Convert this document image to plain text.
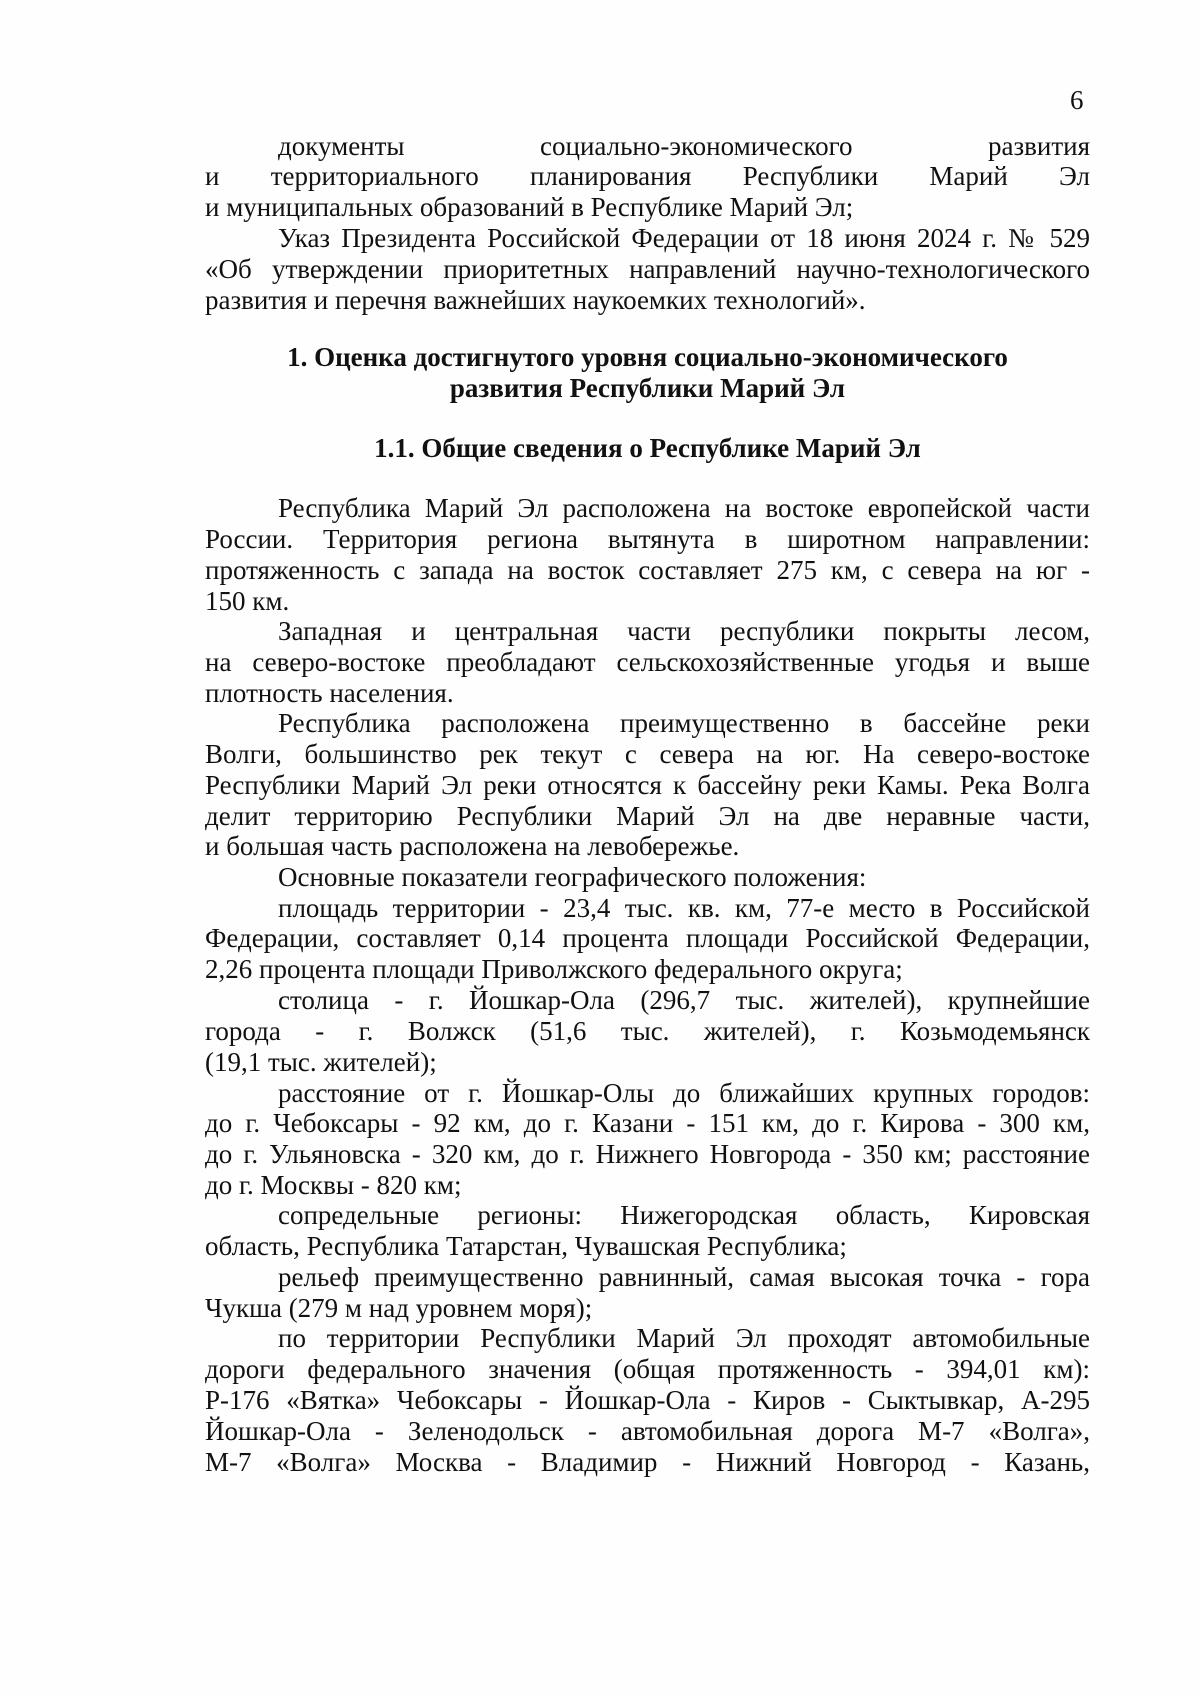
6
документы социально-экономического развития
и территориального планирования Республики Марий Эл
и муниципальных образований в Республике Марий Эл;
Указ Президента Российской Федерации от 18 июня 2024 г. № 529
«Об утверждении приоритетных направлений научно-технологического
развития и перечня важнейших наукоемких технологий».
1. Оценка достигнутого уровня социально-экономического
развития Республики Марий Эл
1.1. Общие сведения о Республике Марий Эл
Республика Марий Эл расположена на востоке европейской части
России. Территория региона вытянута в широтном направлении:
протяженность с запада на восток составляет 275 км, с севера на юг -
150 км.
Западная и центральная части республики покрыты лесом,
на северо-востоке преобладают сельскохозяйственные угодья и выше
плотность населения.
Республика расположена преимущественно в бассейне реки
Волги, большинство рек текут с севера на юг. На северо-востоке
Республики Марий Эл реки относятся к бассейну реки Камы. Река Волга
делит территорию Республики Марий Эл на две неравные части,
и большая часть расположена на левобережье.
Основные показатели географического положения:
площадь территории - 23,4 тыс. кв. км, 77-е место в Российской
Федерации, составляет 0,14 процента площади Российской Федерации,
2,26 процента площади Приволжского федерального округа;
столица - г. Йошкар-Ола (296,7 тыс. жителей), крупнейшие
города - г. Волжск (51,6 тыс. жителей), г. Козьмодемьянск
(19,1 тыс. жителей);
расстояние от г. Йошкар-Олы до ближайших крупных городов:
до г. Чебоксары - 92 км, до г. Казани - 151 км, до г. Кирова - 300 км,
до г. Ульяновска - 320 км, до г. Нижнего Новгорода - 350 км; расстояние
до г. Москвы - 820 км;
сопредельные регионы: Нижегородская область, Кировская
область, Республика Татарстан, Чувашская Республика;
рельеф преимущественно равнинный, самая высокая точка - гора
Чукша (279 м над уровнем моря);
по территории Республики Марий Эл проходят автомобильные
дороги федерального значения (общая протяженность - 394,01 км):
Р-176 «Вятка» Чебоксары - Йошкар-Ола - Киров - Сыктывкар, А-295
Йошкар-Ола - Зеленодольск - автомобильная дорога М-7 «Волга»,
М-7 «Волга» Москва - Владимир - Нижний Новгород - Казань,
